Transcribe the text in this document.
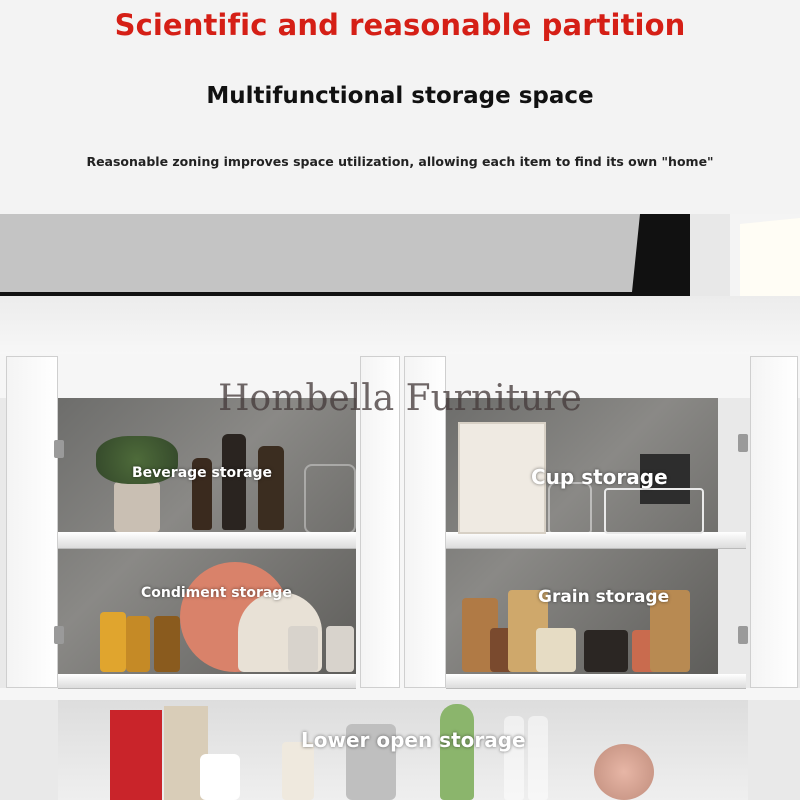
Scientific and reasonable partition
Multifunctional storage space
Reasonable zoning improves space utilization, allowing each item to find its own "home"
Hombella Furniture
Beverage storage	Cup storage
Condiment storage	Grain storage
Lower open storage
